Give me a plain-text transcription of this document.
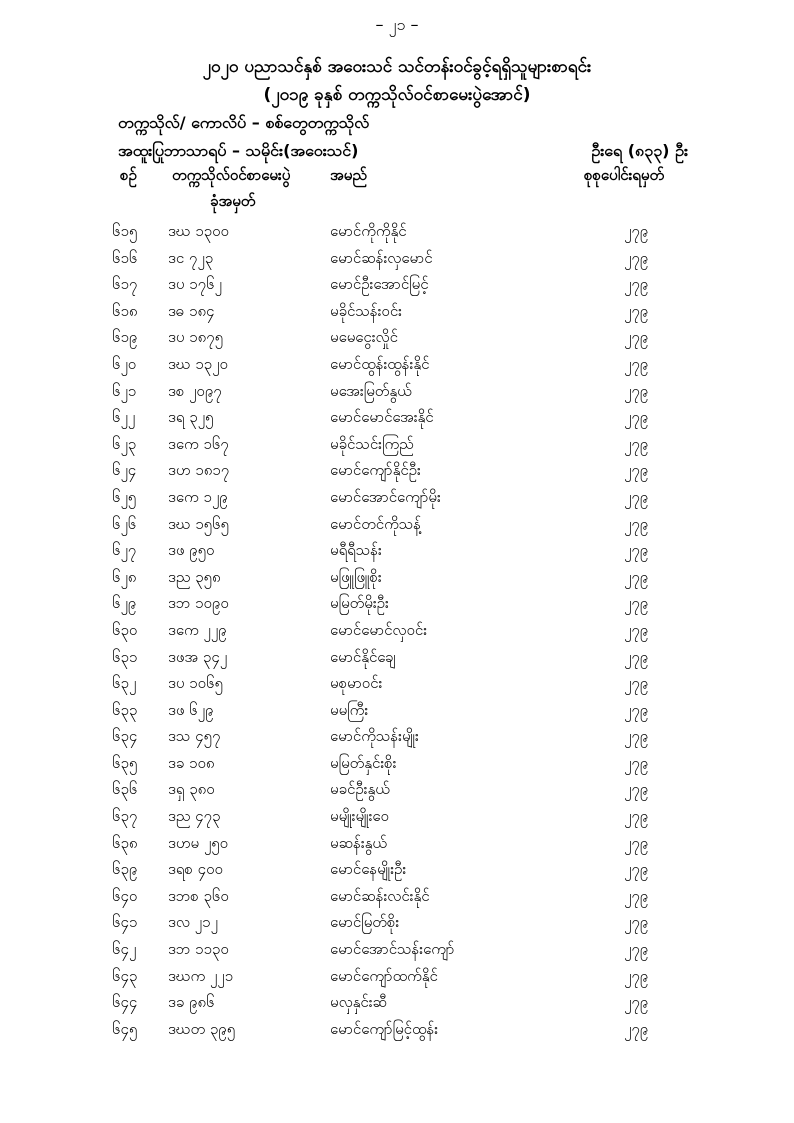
– ၂၁ –
၂၀၂၀ ပညာသင်နှစ် အဝေးသင် သင်တန်းဝင်ခွင့်ရရှိသူများစာရင်း
(၂၀၁၉ ခုနှစ် တက္ကသိုလ်ဝင်စာမေးပွဲအောင်)
တက္ကသိုလ်/ ကောလိပ် – စစ်တွေတက္ကသိုလ်
အထူးပြုဘာသာရပ် – သမိုင်း(အဝေးသင်)	ဦးရေ (၈၃၃) ဦး
စဉ် တက္ကသိုလ်ဝင်စာမေးပွဲ
ခုံအမှတ်
အမည်	စုစုပေါင်းရမှတ်
၆၁၅	ဒဃ ၁၃၀၀	မောင်ကိုကိုနိုင်	၂၇၉
၆၁၆	ဒင ၇၂၃	မောင်ဆန်းလှမောင်	၂၇၉
၆၁၇	ဒပ ၁၇၆၂	မောင်ဦးအောင်မြင့်	၂၇၉
၆၁၈	ဒဓ ၁၈၄	မခိုင်သန်းဝင်း	၂၇၉
၆၁၉	ဒပ ၁၈၇၅	မမေငွေးလှိုင်	၂၇၉
၆၂၀	ဒဃ ၁၃၂၀	မောင်ထွန်းထွန်းနိုင်	၂၇၉
၆၂၁	ဒစ ၂၀၉၇	မအေးမြတ်နွယ်	၂၇၉
၆၂၂	ဒရ ၃၂၅	မောင်မောင်အေးနိုင်	၂၇၉
၆၂၃	ဒကေ ၁၆၇	မခိုင်သင်းကြည်	၂၇၉
၆၂၄	ဒဟ ၁၈၁၇	မောင်ကျော်နိုင်ဦး	၂၇၉
၆၂၅	ဒကေ ၁၂၉	မောင်အောင်ကျော်မိုး	၂၇၉
၆၂၆	ဒဃ ၁၅၆၅	မောင်တင်ကိုသန့်	၂၇၉
၆၂၇	ဒဖ ၉၅၀	မရီရီသန်း	၂၇၉
၆၂၈	ဒည ၃၅၈	မဖြူဖြူစိုး	၂၇၉
၆၂၉	ဒဘ ၁၀၉၀	မမြတ်မိုးဦး	၂၇၉
၆၃၀	ဒကေ ၂၂၉	မောင်မောင်လှဝင်း	၂၇၉
၆၃၁	ဒဖအ ၃၄၂	မောင်နိုင်ချေ	၂၇၉
၆၃၂	ဒပ ၁၀၆၅	မစုမာဝင်း	၂၇၉
၆၃၃	ဒဖ ၆၂၉	မမကြီး	၂၇၉
၆၃၄	ဒသ ၄၅၇	မောင်ကိုသန်းမျိုး	၂၇၉
၆၃၅	ဒခ ၁၀၈	မမြတ်နှင်းစိုး	၂၇၉
၆၃၆	ဒရှ ၃၈၀	မခင်ဦးနွယ်	၂၇၉
၆၃၇	ဒည ၄၇၃	မမျိုးမျိုးဝေ	၂၇၉
၆၃၈	ဒဟမ ၂၅၀	မဆန်းနွယ်	၂၇၉
၆၃၉	ဒရစ ၄၀၀	မောင်နေမျိုးဦး	၂၇၉
၆၄၀	ဒဘစ ၃၆၀	မောင်ဆန်းလင်းနိုင်	၂၇၉
၆၄၁	ဒလ ၂၁၂	မောင်မြတ်စိုး	၂၇၉
၆၄၂	ဒဘ ၁၁၃၀	မောင်အောင်သန်းကျော်	၂၇၉
၆၄၃	ဒဃက ၂၂၁	မောင်ကျော်ထက်နိုင်	၂၇၉
၆၄၄	ဒခ ၉၈၆	မလှနှင်းဆီ	၂၇၉
၆၄၅	ဒဃတ ၃၉၅	မောင်ကျော်မြင့်ထွန်း	၂၇၉
